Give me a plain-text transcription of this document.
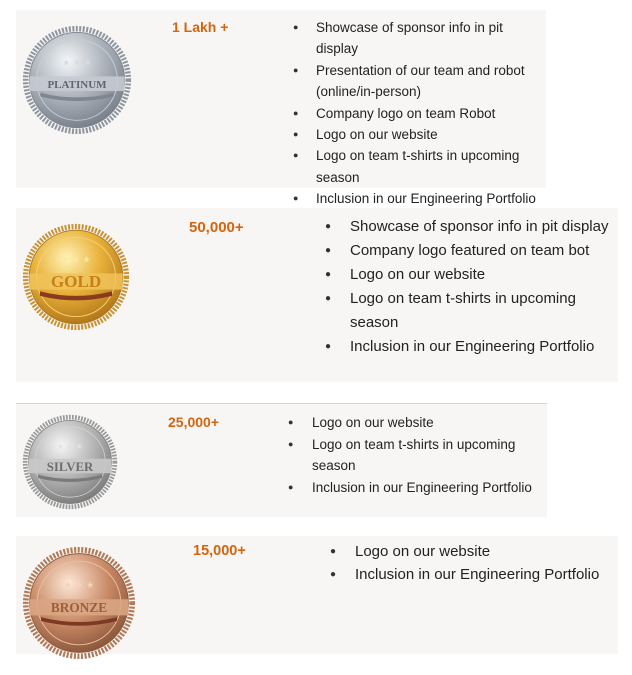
PLATINUM
★ ★ ★
1 Lakh +	● Showcase of sponsor info in pit display
● Presentation of our team and robot (online/in-person)
● Company logo on team Robot
● Logo on our website
● Logo on team t-shirts in upcoming season
● Inclusion in our Engineering Portfolio
GOLD
★ ★ ★
50,000+	● Showcase of sponsor info in pit display
● Company logo featured on team bot
● Logo on our website
● Logo on team t-shirts in upcoming season
● Inclusion in our Engineering Portfolio
SILVER
★ ★ ★
25,000+	● Logo on our website
● Logo on team t-shirts in upcoming season
● Inclusion in our Engineering Portfolio
BRONZE
★ ★ ★
15,000+	● Logo on our website
● Inclusion in our Engineering Portfolio
